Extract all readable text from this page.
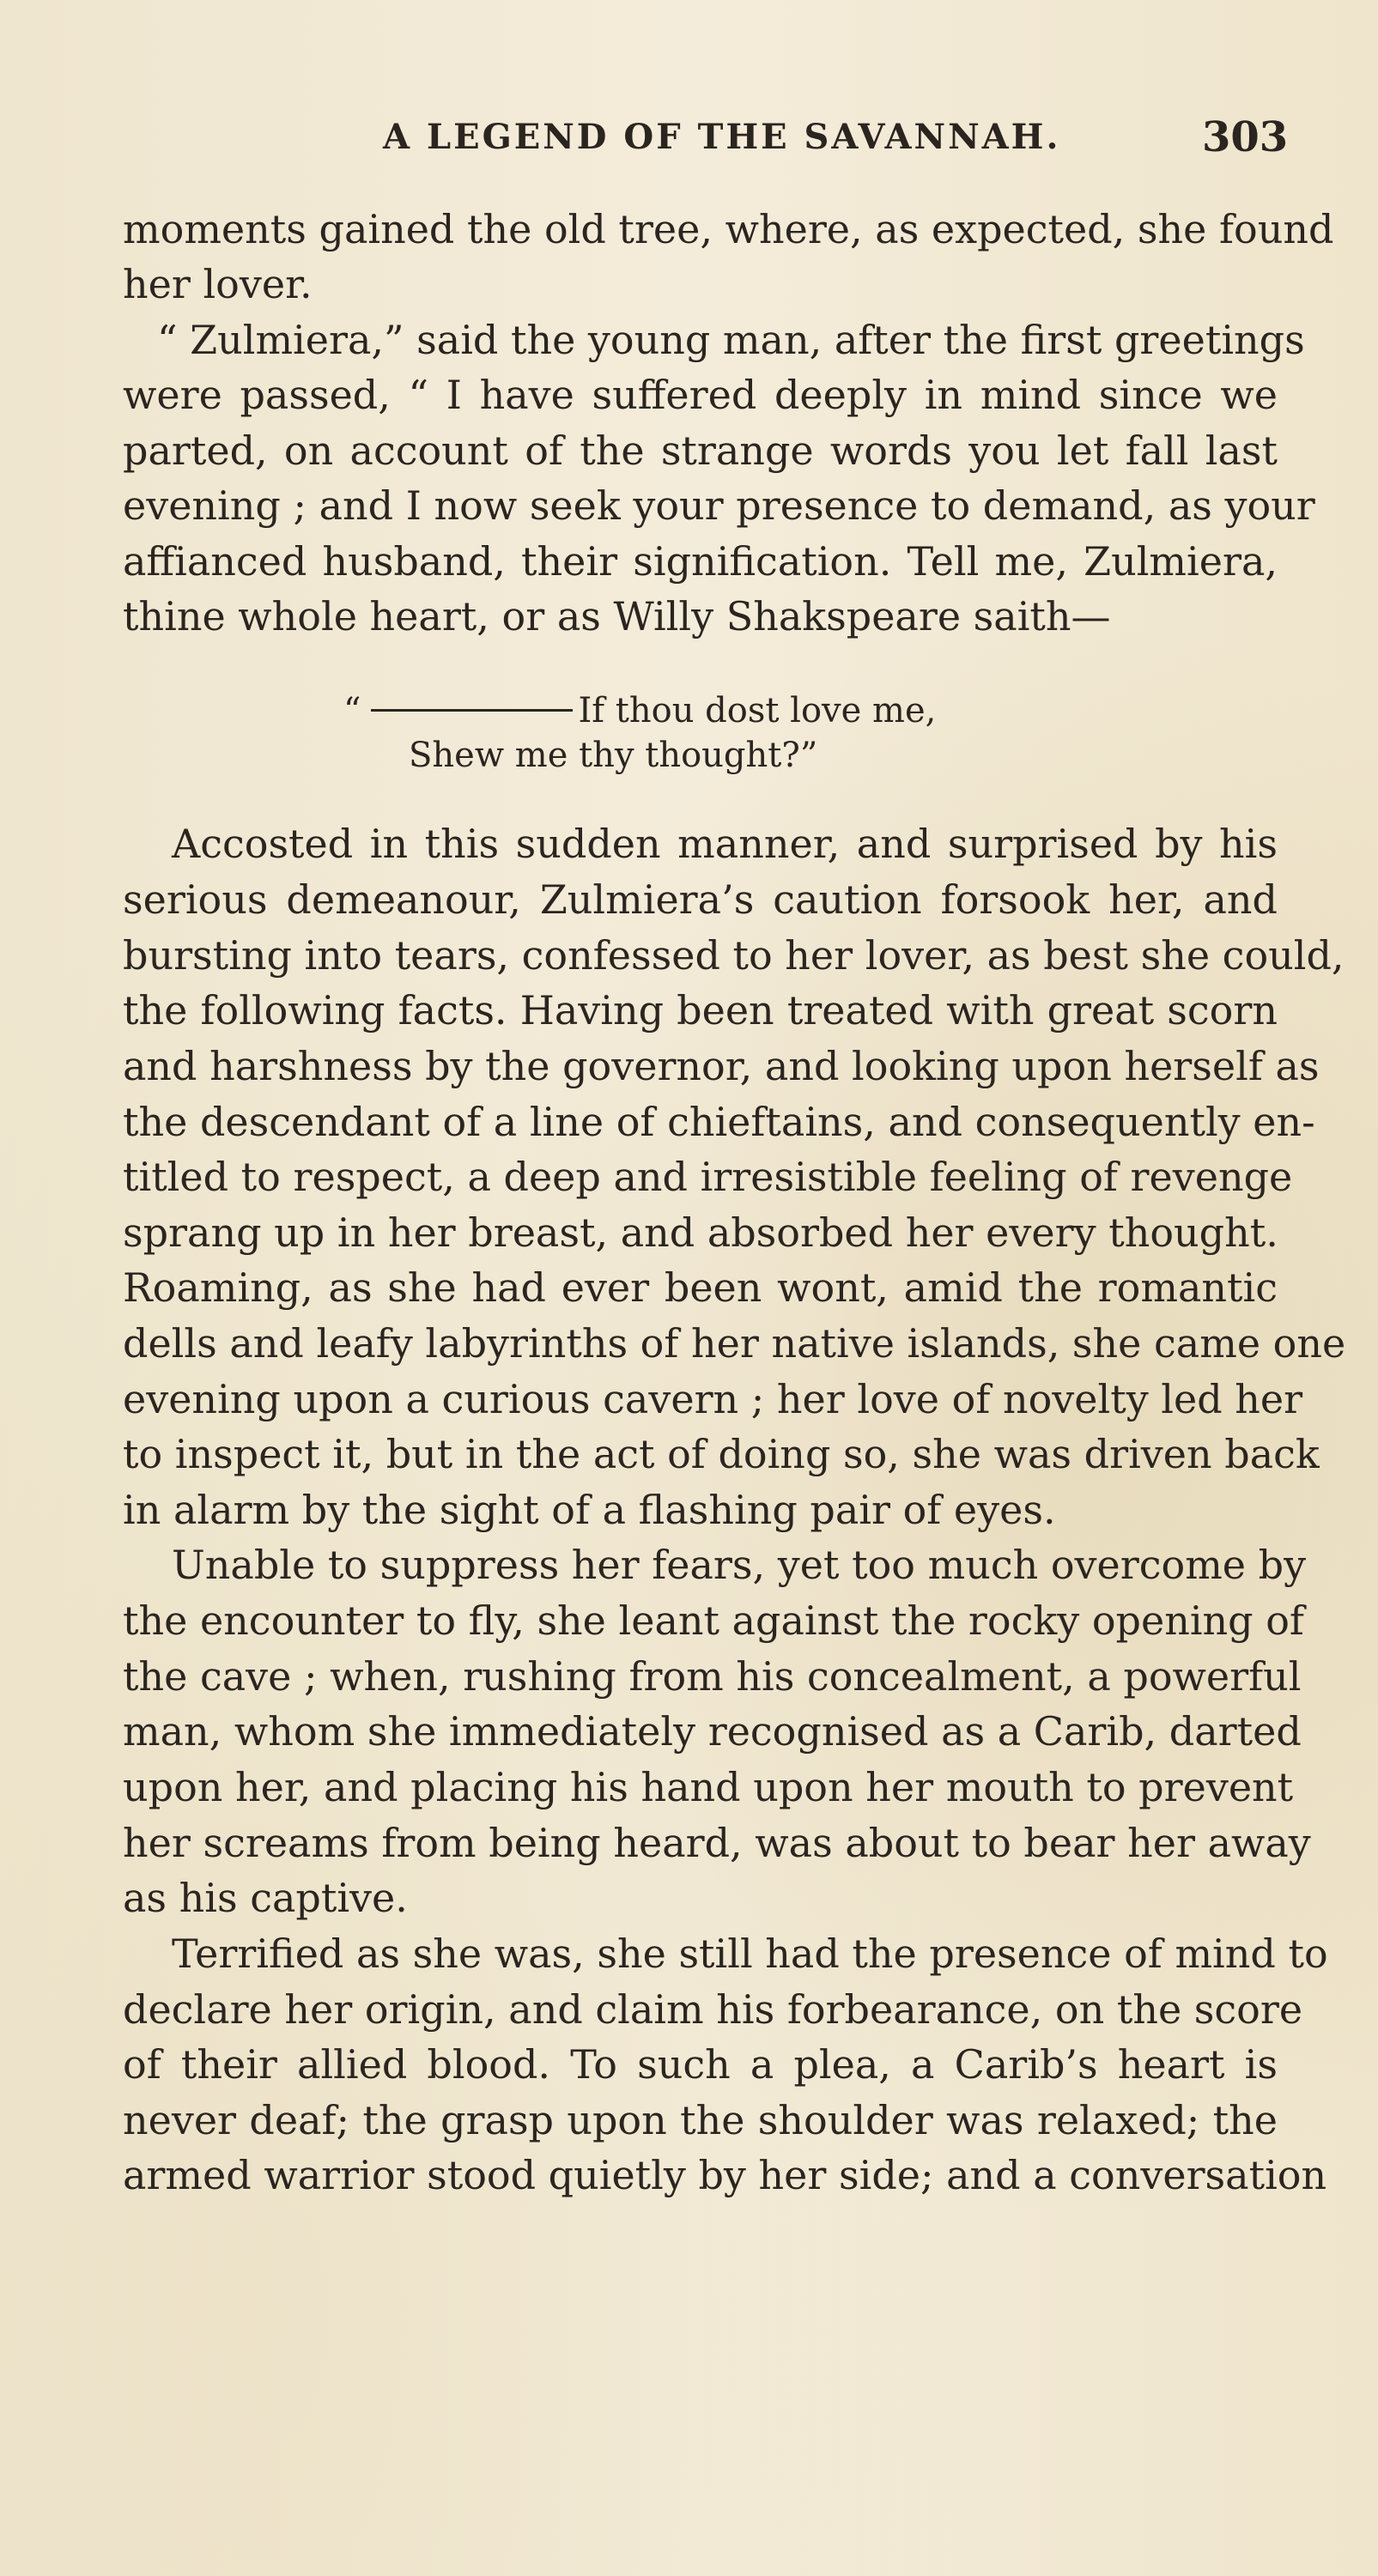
A LEGEND OF THE SAVANNAH.	303
moments gained the old tree, where, as expected, she found
her lover.
“ Zulmiera,” said the young man, after the first greetings
were passed, “ I have suffered deeply in mind since we
parted, on account of the strange words you let fall last
evening ; and I now seek your presence to demand, as your
affianced husband, their signification. Tell me, Zulmiera,
thine whole heart, or as Willy Shakspeare saith—
“	If thou dost love me,
Shew me thy thought?”
Accosted in this sudden manner, and surprised by his
serious demeanour, Zulmiera’s caution forsook her, and
bursting into tears, confessed to her lover, as best she could,
the following facts. Having been treated with great scorn
and harshness by the governor, and looking upon herself as
the descendant of a line of chieftains, and consequently en-
titled to respect, a deep and irresistible feeling of revenge
sprang up in her breast, and absorbed her every thought.
Roaming, as she had ever been wont, amid the romantic
dells and leafy labyrinths of her native islands, she came one
evening upon a curious cavern ; her love of novelty led her
to inspect it, but in the act of doing so, she was driven back
in alarm by the sight of a flashing pair of eyes.
Unable to suppress her fears, yet too much overcome by
the encounter to fly, she leant against the rocky opening of
the cave ; when, rushing from his concealment, a powerful
man, whom she immediately recognised as a Carib, darted
upon her, and placing his hand upon her mouth to prevent
her screams from being heard, was about to bear her away
as his captive.
Terrified as she was, she still had the presence of mind to
declare her origin, and claim his forbearance, on the score
of their allied blood. To such a plea, a Carib’s heart is
never deaf; the grasp upon the shoulder was relaxed; the
armed warrior stood quietly by her side; and a conversation
